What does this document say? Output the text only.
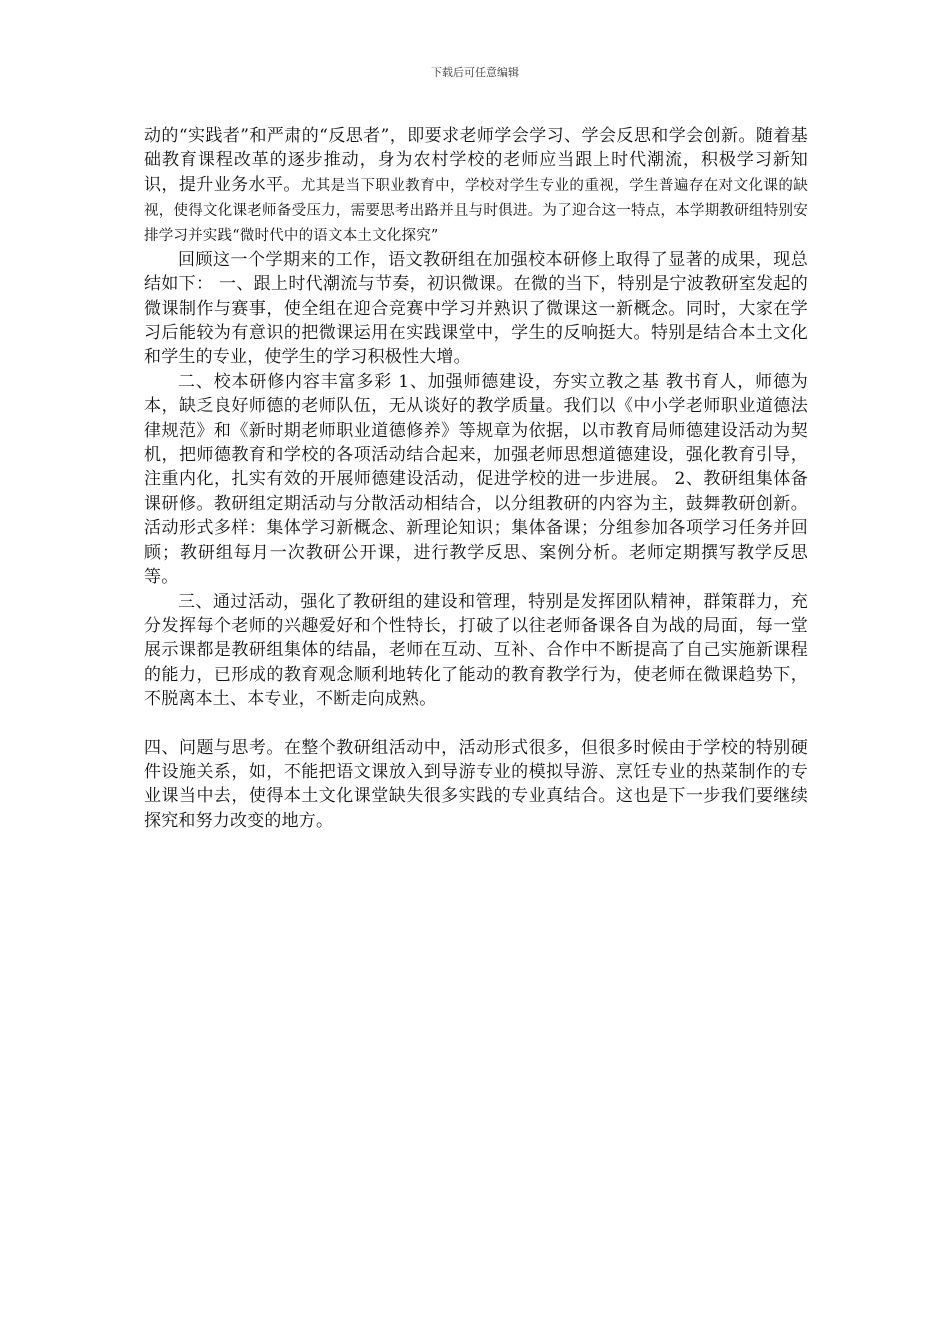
下载后可任意编辑

动的“实践者”和严肃的“反思者”，即要求老师学会学习、学会反思和学会创新。随着基础教育课程改革的逐步推动，身为农村学校的老师应当跟上时代潮流，积极学习新知识，提升业务水平。尤其是当下职业教育中，学校对学生专业的重视，学生普遍存在对文化课的缺视，使得文化课老师备受压力，需要思考出路并且与时俱进。为了迎合这一特点，本学期教研组特别安排学习并实践“微时代中的语文本土文化探究”

回顾这一个学期来的工作，语文教研组在加强校本研修上取得了显著的成果，现总结如下： 一、跟上时代潮流与节奏，初识微课。在微的当下，特别是宁波教研室发起的微课制作与赛事，使全组在迎合竞赛中学习并熟识了微课这一新概念。同时，大家在学习后能较为有意识的把微课运用在实践课堂中，学生的反响挺大。特别是结合本土文化和学生的专业，使学生的学习积极性大增。

二、校本研修内容丰富多彩 1、加强师德建设，夯实立教之基 教书育人，师德为本，缺乏良好师德的老师队伍，无从谈好的教学质量。我们以《中小学老师职业道德法律规范》和《新时期老师职业道德修养》等规章为依据，以市教育局师德建设活动为契机，把师德教育和学校的各项活动结合起来，加强老师思想道德建设，强化教育引导，注重内化，扎实有效的开展师德建设活动，促进学校的进一步进展。 2、教研组集体备课研修。教研组定期活动与分散活动相结合，以分组教研的内容为主，鼓舞教研创新。活动形式多样：集体学习新概念、新理论知识；集体备课；分组参加各项学习任务并回顾；教研组每月一次教研公开课，进行教学反思、案例分析。老师定期撰写教学反思等。

三、通过活动，强化了教研组的建设和管理，特别是发挥团队精神，群策群力，充分发挥每个老师的兴趣爱好和个性特长，打破了以往老师备课各自为战的局面，每一堂展示课都是教研组集体的结晶，老师在互动、互补、合作中不断提高了自己实施新课程的能力，已形成的教育观念顺利地转化了能动的教育教学行为，使老师在微课趋势下，不脱离本土、本专业，不断走向成熟。

四、问题与思考。在整个教研组活动中，活动形式很多，但很多时候由于学校的特别硬件设施关系，如，不能把语文课放入到导游专业的模拟导游、烹饪专业的热菜制作的专业课当中去，使得本土文化课堂缺失很多实践的专业真结合。这也是下一步我们要继续探究和努力改变的地方。
